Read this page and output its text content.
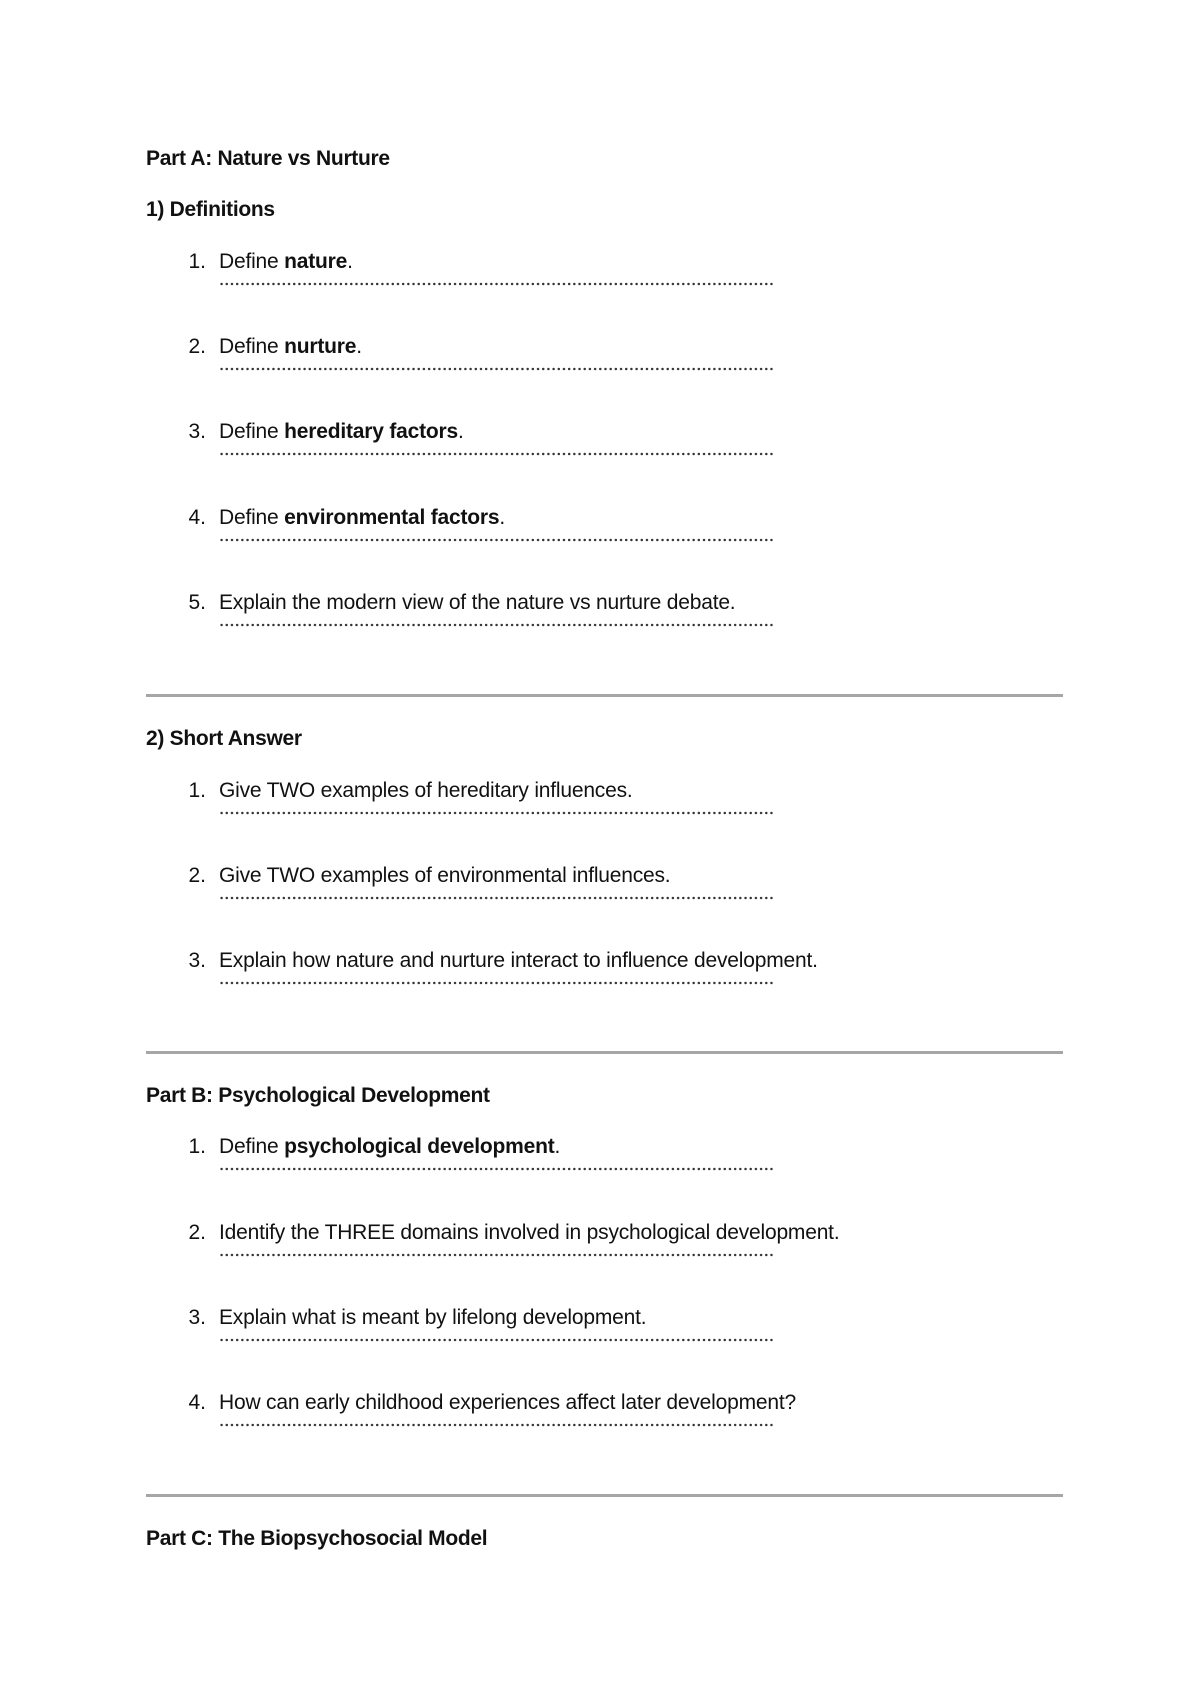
Part A: Nature vs Nurture
1) Definitions
1. Define nature.
2. Define nurture.
3. Define hereditary factors.
4. Define environmental factors.
5. Explain the modern view of the nature vs nurture debate.
2) Short Answer
1. Give TWO examples of hereditary influences.
2. Give TWO examples of environmental influences.
3. Explain how nature and nurture interact to influence development.
Part B: Psychological Development
1. Define psychological development.
2. Identify the THREE domains involved in psychological development.
3. Explain what is meant by lifelong development.
4. How can early childhood experiences affect later development?
Part C: The Biopsychosocial Model
